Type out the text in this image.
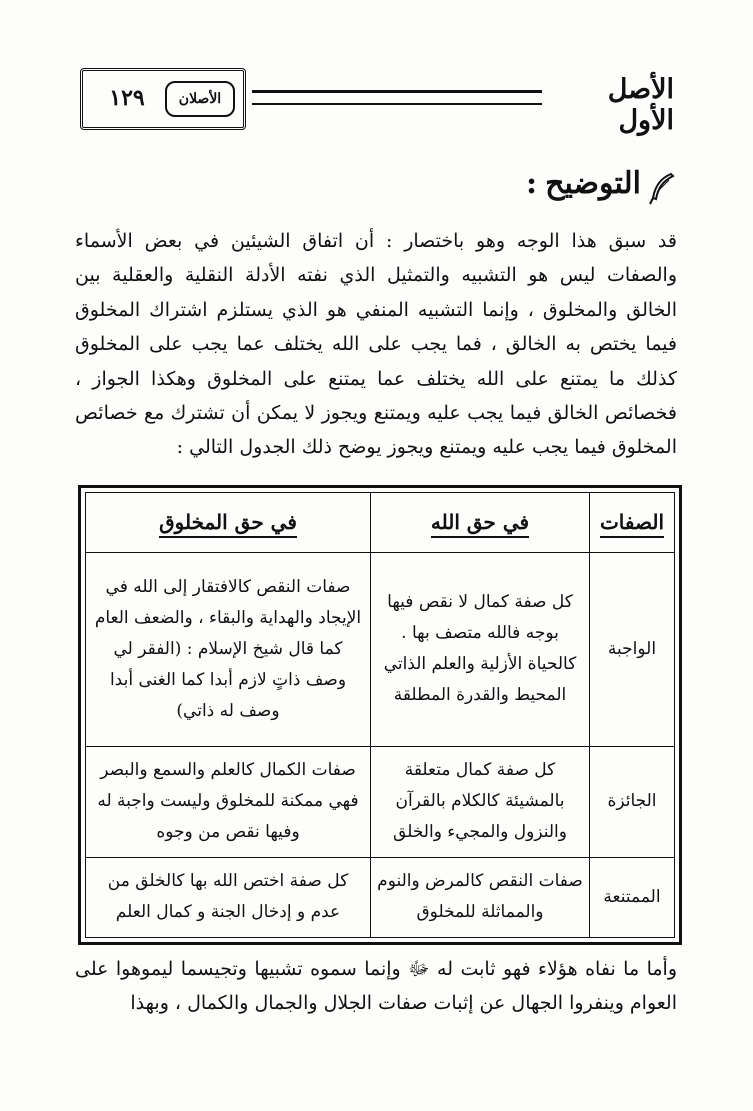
١٢٩	الأصلان	الأصل الأول
التوضيح:

قد سبق هذا الوجه وهو باختصار : أن اتفاق الشيئين في بعض الأسماء والصفات ليس هو التشبيه والتمثيل الذي نفته الأدلة النقلية والعقلية بين الخالق والمخلوق ، وإنما التشبيه المنفي هو الذي يستلزم اشتراك المخلوق فيما يختص به الخالق ، فما يجب على الله يختلف عما يجب على المخلوق كذلك ما يمتنع على الله يختلف عما يمتنع على المخلوق وهكذا الجواز ، فخصائص الخالق فيما يجب عليه ويمتنع ويجوز لا يمكن أن تشترك مع خصائص المخلوق فيما يجب عليه ويمتنع ويجوز يوضح ذلك الجدول التالي :

الصفات	في حق الله	في حق المخلوق
الواجبة	كل صفة كمال لا نقص فيها بوجه فالله متصف بها . كالحياة الأزلية والعلم الذاتي المحيط والقدرة المطلقة	صفات النقص كالافتقار إلى الله في الإيجاد والهداية والبقاء ، والضعف العام كما قال شيخ الإسلام : (الفقر لي وصف ذاتٍ لازم أبدا كما الغنى أبدا وصف له ذاتي)
الجائزة	كل صفة كمال متعلقة بالمشيئة كالكلام بالقرآن والنزول والمجيء والخلق	صفات الكمال كالعلم والسمع والبصر فهي ممكنة للمخلوق وليست واجبة له وفيها نقص من وجوه
الممتنعة	صفات النقص كالمرض والنوم والمماثلة للمخلوق	كل صفة اختص الله بها كالخلق من عدم و إدخال الجنة و كمال العلم

وأما ما نفاه هؤلاء فهو ثابت له ﷻ وإنما سموه تشبيها وتجيسما ليموهوا على العوام وينفروا الجهال عن إثبات صفات الجلال والجمال والكمال ، وبهذا
